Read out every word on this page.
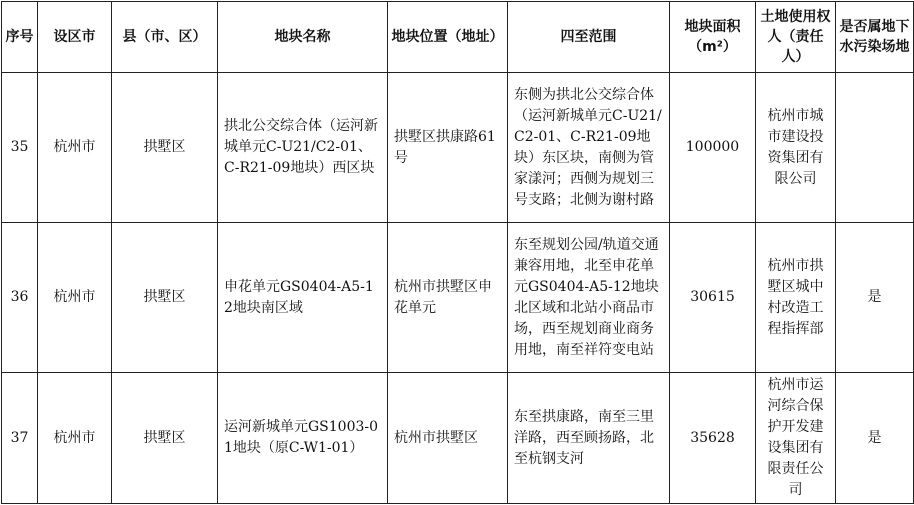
序号	设区市	县（市、区）	地块名称	地块位置（地址）	四至范围	地块面积（m²）	土地使用权人（责任人）	是否属地下水污染场地
35	杭州市	拱墅区	拱北公交综合体（运河新城单元C-U21/C2-01、C-R21-09地块）西区块	拱墅区拱康路61号	东侧为拱北公交综合体（运河新城单元C-U21/C2-01、C-R21-09地块）东区块，南侧为管家漾河；西侧为规划三号支路；北侧为谢村路	100000	杭州市城市建设投资集团有限公司	
36	杭州市	拱墅区	申花单元GS0404-A5-12地块南区域	杭州市拱墅区申花单元	东至规划公园/轨道交通兼容用地，北至申花单元GS0404-A5-12地块北区域和北站小商品市场，西至规划商业商务用地，南至祥符变电站	30615	杭州市拱墅区城中村改造工程指挥部	是
37	杭州市	拱墅区	运河新城单元GS1003-01地块（原C-W1-01）	杭州市拱墅区	东至拱康路，南至三里洋路，西至顾扬路，北至杭钢支河	35628	杭州市运河综合保护开发建设集团有限责任公司	是
